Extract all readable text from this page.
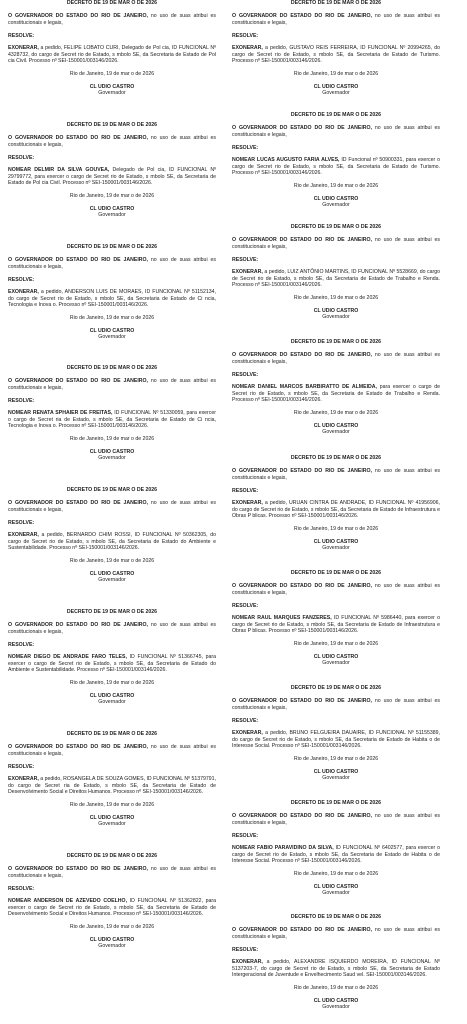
DECRETO DE 19 DE MAR O DE 2026
O GOVERNADOR DO ESTADO DO RIO DE JANEIRO, no uso de suas atribui es constitucionais e legais,
RESOLVE:
EXONERAR, a pedido, FELIPE LOBATO CURI, Delegado de Pol cia, ID FUNCIONAL Nº 4328732, do cargo de Secret rio de Estado, s mbolo SE, da Secretaria de Estado de Pol cia Civil. Processo nº SEI-150001/003146/2026.
Rio de Janeiro, 19 de mar o de 2026
CL UDIO CASTRO
Governador
DECRETO DE 19 DE MAR O DE 2026
O GOVERNADOR DO ESTADO DO RIO DE JANEIRO, no uso de suas atribui es constitucionais e legais,
RESOLVE:
NOMEAR DELMIR DA SILVA GOUVEA, Delegado de Pol cia, ID FUNCIONAL Nº 29799772, para exercer o cargo de Secret rio de Estado, s mbolo SE, da Secretaria de Estado de Pol cia Civil. Processo nº SEI-150001/003146/2026.
Rio de Janeiro, 19 de mar o de 2026
CL UDIO CASTRO
Governador
DECRETO DE 19 DE MAR O DE 2026
O GOVERNADOR DO ESTADO DO RIO DE JANEIRO, no uso de suas atribui es constitucionais e legais,
RESOLVE:
EXONERAR, a pedido, ANDERSON LUIS DE MORAES, ID FUNCIONAL Nº 51152134, do cargo de Secret rio de Estado, s mbolo SE, da Secretaria de Estado de Ci ncia, Tecnologia e Inova o. Processo nº SEI-150001/003146/2026.
Rio de Janeiro, 19 de mar o de 2026
CL UDIO CASTRO
Governador
DECRETO DE 19 DE MAR O DE 2026
O GOVERNADOR DO ESTADO DO RIO DE JANEIRO, no uso de suas atribui es constitucionais e legais,
RESOLVE:
NOMEAR RENATA SPHAIER DE FREITAS, ID FUNCIONAL Nº 51330059, para exercer o cargo de Secret ria de Estado, s mbolo SE, da Secretaria de Estado de Ci ncia, Tecnologia e Inova o. Processo nº SEI-150001/003146/2026.
Rio de Janeiro, 19 de mar o de 2026
CL UDIO CASTRO
Governador
DECRETO DE 19 DE MAR O DE 2026
O GOVERNADOR DO ESTADO DO RIO DE JANEIRO, no uso de suas atribui es constitucionais e legais,
RESOLVE:
EXONERAR, a pedido, BERNARDO CHIM ROSSI, ID FUNCIONAL Nº 50362305, do cargo de Secret rio de Estado, s mbolo SE, da Secretaria de Estado do Ambiente e Sustentabilidade. Processo nº SEI-150001/003146/2026.
Rio de Janeiro, 19 de mar o de 2026
CL UDIO CASTRO
Governador
DECRETO DE 19 DE MAR O DE 2026
O GOVERNADOR DO ESTADO DO RIO DE JANEIRO, no uso de suas atribui es constitucionais e legais,
RESOLVE:
NOMEAR DIEGO DE ANDRADE FARO TELES, ID FUNCIONAL Nº 51366745, para exercer o cargo de Secret rio de Estado, s mbolo SE, da Secretaria de Estado do Ambiente e Sustentabilidade. Processo nº SEI-150001/003146/2026.
Rio de Janeiro, 19 de mar o de 2026
CL UDIO CASTRO
Governador
DECRETO DE 19 DE MAR O DE 2026
O GOVERNADOR DO ESTADO DO RIO DE JANEIRO, no uso de suas atribui es constitucionais e legais,
RESOLVE:
EXONERAR, a pedido, ROSANGELA DE SOUZA GOMES, ID FUNCIONAL Nº 51379791, do cargo de Secret ria de Estado, s mbolo SE, da Secretaria de Estado de Desenvolvimento Social e Direitos Humanos. Processo nº SEI-150001/003146/2026.
Rio de Janeiro, 19 de mar o de 2026
CL UDIO CASTRO
Governador
DECRETO DE 19 DE MAR O DE 2026
O GOVERNADOR DO ESTADO DO RIO DE JANEIRO, no uso de suas atribui es constitucionais e legais,
RESOLVE:
NOMEAR ANDERSON DE AZEVEDO COELHO, ID FUNCIONAL Nº 51362822, para exercer o cargo de Secret rio de Estado, s mbolo SE, da Secretaria de Estado de Desenvolvimento Social e Direitos Humanos. Processo nº SEI-150001/003146/2026.
Rio de Janeiro, 19 de mar o de 2026
CL UDIO CASTRO
Governador
DECRETO DE 19 DE MAR O DE 2026
O GOVERNADOR DO ESTADO DO RIO DE JANEIRO, no uso de suas atribui es constitucionais e legais,
RESOLVE:
EXONERAR, a pedido, GUSTAVO REIS FERREIRA, ID FUNCIONAL Nº 20994265, do cargo de Secret rio de Estado, s mbolo SE, da Secretaria de Estado de Turismo. Processo nº SEI-150001/003146/2026.
Rio de Janeiro, 19 de mar o de 2026
CL UDIO CASTRO
Governador
DECRETO DE 19 DE MAR O DE 2026
O GOVERNADOR DO ESTADO DO RIO DE JANEIRO, no uso de suas atribui es constitucionais e legais,
RESOLVE:
NOMEAR LUCAS AUGUSTO FARIA ALVES, ID Funcional nº 50900331, para exercer o cargo de Secret rio de Estado, s mbolo SE, da Secretaria de Estado de Turismo. Processo nº SEI-150001/003146/2026.
Rio de Janeiro, 19 de mar o de 2026
CL UDIO CASTRO
Governador
DECRETO DE 19 DE MAR O DE 2026
O GOVERNADOR DO ESTADO DO RIO DE JANEIRO, no uso de suas atribui es constitucionais e legais,
RESOLVE:
EXONERAR, a pedido, LUIZ ANTÔNIO MARTINS, ID FUNCIONAL Nº 5528669, do cargo de Secret rio de Estado, s mbolo SE, da Secretaria de Estado de Trabalho e Renda. Processo nº SEI-150001/003146/2026.
Rio de Janeiro, 19 de mar o de 2026
CL UDIO CASTRO
Governador
DECRETO DE 19 DE MAR O DE 2026
O GOVERNADOR DO ESTADO DO RIO DE JANEIRO, no uso de suas atribui es constitucionais e legais,
RESOLVE:
NOMEAR DANIEL MARCOS BARBIRATTO DE ALMEIDA, para exercer o cargo de Secret rio de Estado, s mbolo SE, da Secretaria de Estado de Trabalho e Renda. Processo nº SEI-150001/003146/2026.
Rio de Janeiro, 19 de mar o de 2026
CL UDIO CASTRO
Governador
DECRETO DE 19 DE MAR O DE 2026
O GOVERNADOR DO ESTADO DO RIO DE JANEIRO, no uso de suas atribui es constitucionais e legais,
RESOLVE:
EXONERAR, a pedido, URUAN CINTRA DE ANDRADE, ID FUNCIONAL Nº 41956906, do cargo de Secret rio de Estado, s mbolo SE, da Secretaria de Estado de Infraestrutura e Obras P blicas. Processo nº SEI-150001/003146/2026.
Rio de Janeiro, 19 de mar o de 2026
CL UDIO CASTRO
Governador
DECRETO DE 19 DE MAR O DE 2026
O GOVERNADOR DO ESTADO DO RIO DE JANEIRO, no uso de suas atribui es constitucionais e legais,
RESOLVE:
NOMEAR RAUL MARQUES FANZERES, ID FUNCIONAL Nº 5986440, para exercer o cargo de Secret rio de Estado, s mbolo SE, da Secretaria de Estado de Infraestrutura e Obras P blicas. Processo nº SEI-150001/003146/2026.
Rio de Janeiro, 19 de mar o de 2026
CL UDIO CASTRO
Governador
DECRETO DE 19 DE MAR O DE 2026
O GOVERNADOR DO ESTADO DO RIO DE JANEIRO, no uso de suas atribui es constitucionais e legais,
RESOLVE:
EXONERAR, a pedido, BRUNO FELGUEIRA DAUAIRE, ID FUNCIONAL Nº 51155389, do cargo de Secret rio de Estado, s mbolo SE, da Secretaria de Estado de Habita o de Interesse Social. Processo nº SEI-150001/003146/2026.
Rio de Janeiro, 19 de mar o de 2026
CL UDIO CASTRO
Governador
DECRETO DE 19 DE MAR O DE 2026
O GOVERNADOR DO ESTADO DO RIO DE JANEIRO, no uso de suas atribui es constitucionais e legais,
RESOLVE:
NOMEAR FABIO PARAVIDINO DA SILVA, ID FUNCIONAL Nº 6402577, para exercer o cargo de Secret rio de Estado, s mbolo SE, da Secretaria de Estado de Habita o de Interesse Social. Processo nº SEI-150001/003146/2026.
Rio de Janeiro, 19 de mar o de 2026
CL UDIO CASTRO
Governador
DECRETO DE 19 DE MAR O DE 2026
O GOVERNADOR DO ESTADO DO RIO DE JANEIRO, no uso de suas atribui es constitucionais e legais,
RESOLVE:
EXONERAR, a pedido, ALEXANDRE ISQUIERDO MOREIRA, ID FUNCIONAL Nº 5137203-7, do cargo de Secret rio de Estado, s mbolo SE, da Secretaria de Estado Intergeracional de Juventude e Envelhecimento Saud vel. SEI-150001/003146/2026.
Rio de Janeiro, 19 de mar o de 2026
CL UDIO CASTRO
Governador
